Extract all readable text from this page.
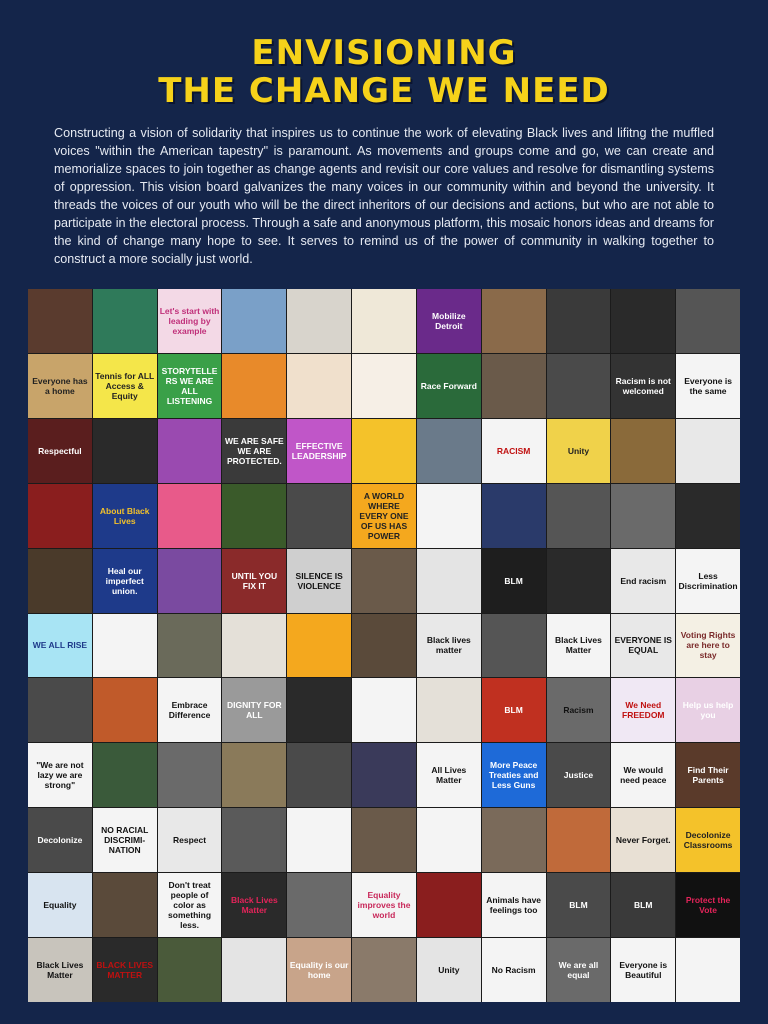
ENVISIONING
THE CHANGE WE NEED

Constructing a vision of solidarity that inspires us to continue the work of elevating Black lives and lifitng the muffled voices "within the American tapestry" is paramount. As movements and groups come and go, we can create and memorialize spaces to join together as change agents and revisit our core values and resolve for dismantling systems of oppression. This vision board galvanizes the many voices in our community within and beyond the university. It threads the voices of our youth who will be the direct inheritors of our decisions and actions, but who are not able to participate in the electoral process. Through a safe and anonymous platform, this mosaic honors ideas and dreams for the kind of change many hope to see. It serves to remind us of the power of community in walking together to construct a more socially just world.

Let's start with leading by example
Mobilize Detroit
Everyone has a home
Tennis for ALL Access & Equity
STORYTELLERS WE ARE ALL LISTENING
Race Forward	Racism is not welcomed
Everyone is the same
Respectful
WE ARE SAFE WE ARE PROTECTED.
EFFECTIVE LEADERSHIP	RACISM	Unity
About Black Lives
A WORLD WHERE EVERY ONE OF US HAS POWER
Heal our imperfect union.
UNTIL YOU FIX IT
SILENCE IS VIOLENCE	BLM	End racism	Less Discrimination
WE ALL RISE	Black lives matter
Black Lives Matter
EVERYONE IS EQUAL
Voting Rights are here to stay
Embrace Difference
DIGNITY FOR ALL	BLM	Racism	We Need FREEDOM
Help us help you
"We are not lazy we are strong"
All Lives Matter
More Peace Treaties and Less Guns
Justice	We would need peace
Find Their Parents
Decolonize
NO RACIAL DISCRIMI-NATION
Respect	Never Forget.	Decolonize Classrooms
Equality
Don't treat people of color as something less.
Black Lives Matter
Equality improves the world
Animals have feelings too	BLM	BLM	Protect the Vote
Black Lives Matter
BLACK LIVES MATTER
Equality is our home	Unity	No Racism	We are all equal
Everyone is Beautiful
